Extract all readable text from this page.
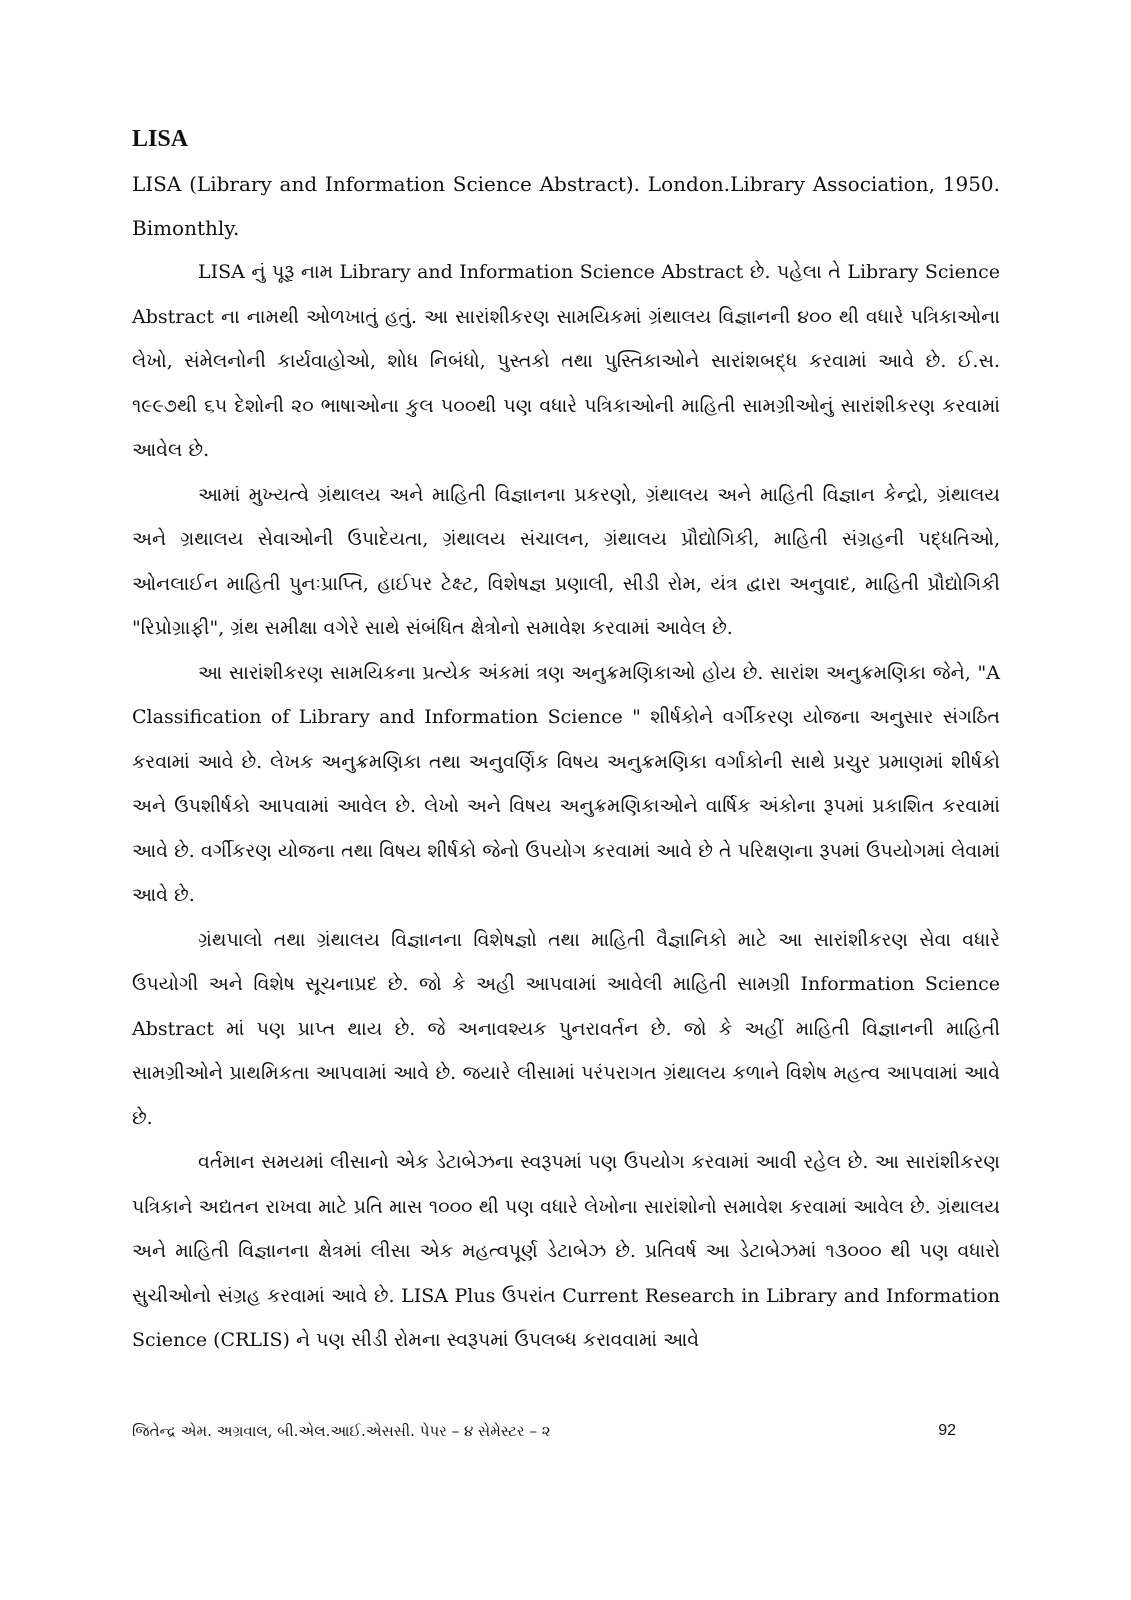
LISA

LISA (Library and Information Science Abstract). London.Library Association, 1950. Bimonthly.

LISA નું પૂરૂ નામ Library and Information Science Abstract છે. પહેલા તે Library Science Abstract ના નામથી ઓળખાતું હતું. આ સારાંશીકરણ સામયિકમાં ગ્રંથાલય વિજ્ઞાનની ૪૦૦ થી વધારે પત્રિકાઓના લેખો, સંમેલનોની કાર્યવાહોઓ, શોધ નિબંધો, પુસ્તકો તથા પુસ્તિકાઓને સારાંશબદ્ધ કરવામાં આવે છે. ઈ.સ. ૧૯૯૭થી ૬૫ દેશોની ૨૦ ભાષાઓના કુલ ૫૦૦થી પણ વધારે પત્રિકાઓની માહિતી સામગ્રીઓનું સારાંશીકરણ કરવામાં આવેલ છે.

આમાં મુખ્યત્વે ગ્રંથાલય અને માહિતી વિજ્ઞાનના પ્રકરણો, ગ્રંથાલય અને માહિતી વિજ્ઞાન કેન્દ્રો, ગ્રંથાલય અને ગ્રથાલય સેવાઓની ઉપાદેયતા, ગ્રંથાલય સંચાલન, ગ્રંથાલય પ્રૌદ્યોગિકી, માહિતી સંગ્રહની પદ્ધતિઓ, ઓનલાઈન માહિતી પુનઃપ્રાપ્તિ, હાઈપર ટેક્ષ્ટ, વિશેષજ્ઞ પ્રણાલી, સીડી રોમ, યંત્ર દ્વારા અનુવાદ, માહિતી પ્રૌદ્યોગિકી "રિપ્રોગ્રાફી", ગ્રંથ સમીક્ષા વગેરે સાથે સંબંધિત ક્ષેત્રોનો સમાવેશ કરવામાં આવેલ છે.

આ સારાંશીકરણ સામયિકના પ્રત્યેક અંકમાં ત્રણ અનુક્રમણિકાઓ હોય છે. સારાંશ અનુક્રમણિકા જેને, "A Classification of Library and Information Science " શીર્ષકોને વર્ગીકરણ યોજના અનુસાર સંગઠિત કરવામાં આવે છે. લેખક અનુક્રમણિકા તથા અનુવર્ણિક વિષય અનુક્રમણિકા વર્ગાકોની સાથે પ્રચુર પ્રમાણમાં શીર્ષકો અને ઉપશીર્ષકો આપવામાં આવેલ છે. લેખો અને વિષય અનુક્રમણિકાઓને વાર્ષિક અંકોના રૂપમાં પ્રકાશિત કરવામાં આવે છે. વર્ગીકરણ યોજના તથા વિષય શીર્ષકો જેનો ઉપયોગ કરવામાં આવે છે તે પરિક્ષણના રૂપમાં ઉપયોગમાં લેવામાં આવે છે.

ગ્રંથપાલો તથા ગ્રંથાલય વિજ્ઞાનના વિશેષજ્ઞો તથા માહિતી વૈજ્ઞાનિકો માટે આ સારાંશીકરણ સેવા વધારે ઉપયોગી અને વિશેષ સૂચનાપ્રદ છે. જો કે અહી આપવામાં આવેલી માહિતી સામગ્રી Information Science Abstract માં પણ પ્રાપ્ત થાય છે. જે અનાવશ્યક પુનરાવર્તન છે. જો કે અહીં માહિતી વિજ્ઞાનની માહિતી સામગ્રીઓને પ્રાથમિકતા આપવામાં આવે છે. જયારે લીસામાં પરંપરાગત ગ્રંથાલય કળાને વિશેષ મહત્વ આપવામાં આવે છે.

વર્તમાન સમયમાં લીસાનો એક ડેટાબેઝના સ્વરૂપમાં પણ ઉપયોગ કરવામાં આવી રહેલ છે. આ સારાંશીકરણ પત્રિકાને અદ્યતન રાખવા માટે પ્રતિ માસ ૧૦૦૦ થી પણ વધારે લેખોના સારાંશોનો સમાવેશ કરવામાં આવેલ છે. ગ્રંથાલય અને માહિતી વિજ્ઞાનના ક્ષેત્રમાં લીસા એક મહત્વપૂર્ણ ડેટાબેઝ છે. પ્રતિવર્ષ આ ડેટાબેઝમાં ૧૩૦૦૦ થી પણ વધારો સુચીઓનો સંગ્રહ કરવામાં આવે છે. LISA Plus ઉપરાંત Current Research in Library and Information Science (CRLIS) ને પણ સીડી રોમના સ્વરૂપમાં ઉપલબ્ધ કરાવવામાં આવે

જિતેન્દ્ર એમ. અગ્રવાલ, બી.એલ.આઈ.એસસી. પેપર – ૪ સેમેસ્ટર – ૨	92
